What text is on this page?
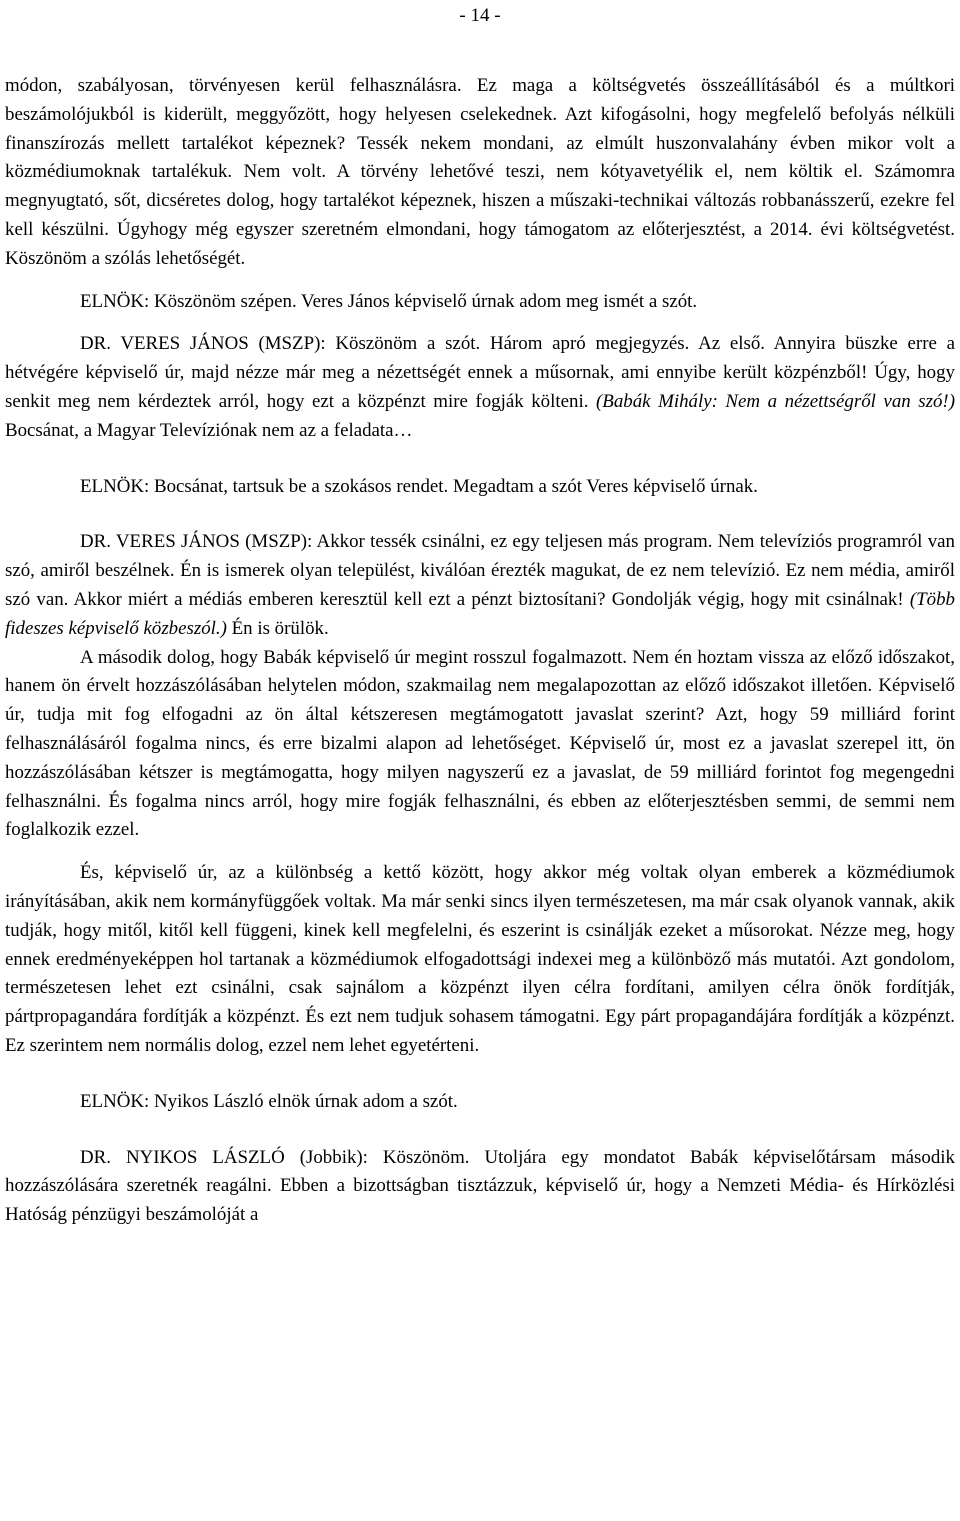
- 14 -

módon, szabályosan, törvényesen kerül felhasználásra. Ez maga a költségvetés összeállításából és a múltkori beszámolójukból is kiderült, meggyőzött, hogy helyesen cselekednek. Azt kifogásolni, hogy megfelelő befolyás nélküli finanszírozás mellett tartalékot képeznek? Tessék nekem mondani, az elmúlt huszonvalahány évben mikor volt a közmédiumoknak tartalékuk. Nem volt. A törvény lehetővé teszi, nem kótyavetyélik el, nem költik el. Számomra megnyugtató, sőt, dicséretes dolog, hogy tartalékot képeznek, hiszen a műszaki-technikai változás robbanásszerű, ezekre fel kell készülni. Úgyhogy még egyszer szeretném elmondani, hogy támogatom az előterjesztést, a 2014. évi költségvetést. Köszönöm a szólás lehetőségét.

ELNÖK: Köszönöm szépen. Veres János képviselő úrnak adom meg ismét a szót.

DR. VERES JÁNOS (MSZP): Köszönöm a szót. Három apró megjegyzés. Az első. Annyira büszke erre a hétvégére képviselő úr, majd nézze már meg a nézettségét ennek a műsornak, ami ennyibe került közpénzből! Úgy, hogy senkit meg nem kérdeztek arról, hogy ezt a közpénzt mire fogják költeni. (Babák Mihály: Nem a nézettségről van szó!) Bocsánat, a Magyar Televíziónak nem az a feladata…

ELNÖK: Bocsánat, tartsuk be a szokásos rendet. Megadtam a szót Veres képviselő úrnak.

DR. VERES JÁNOS (MSZP): Akkor tessék csinálni, ez egy teljesen más program. Nem televíziós programról van szó, amiről beszélnek. Én is ismerek olyan települést, kiválóan érezték magukat, de ez nem televízió. Ez nem média, amiről szó van. Akkor miért a médiás emberen keresztül kell ezt a pénzt biztosítani? Gondolják végig, hogy mit csinálnak! (Több fideszes képviselő közbeszól.) Én is örülök.

A második dolog, hogy Babák képviselő úr megint rosszul fogalmazott. Nem én hoztam vissza az előző időszakot, hanem ön érvelt hozzászólásában helytelen módon, szakmailag nem megalapozottan az előző időszakot illetően. Képviselő úr, tudja mit fog elfogadni az ön által kétszeresen megtámogatott javaslat szerint? Azt, hogy 59 milliárd forint felhasználásáról fogalma nincs, és erre bizalmi alapon ad lehetőséget. Képviselő úr, most ez a javaslat szerepel itt, ön hozzászólásában kétszer is megtámogatta, hogy milyen nagyszerű ez a javaslat, de 59 milliárd forintot fog megengedni felhasználni. És fogalma nincs arról, hogy mire fogják felhasználni, és ebben az előterjesztésben semmi, de semmi nem foglalkozik ezzel.

És, képviselő úr, az a különbség a kettő között, hogy akkor még voltak olyan emberek a közmédiumok irányításában, akik nem kormányfüggőek voltak. Ma már senki sincs ilyen természetesen, ma már csak olyanok vannak, akik tudják, hogy mitől, kitől kell függeni, kinek kell megfelelni, és eszerint is csinálják ezeket a műsorokat. Nézze meg, hogy ennek eredményeképpen hol tartanak a közmédiumok elfogadottsági indexei meg a különböző más mutatói. Azt gondolom, természetesen lehet ezt csinálni, csak sajnálom a közpénzt ilyen célra fordítani, amilyen célra önök fordítják, pártpropagandára fordítják a közpénzt. És ezt nem tudjuk sohasem támogatni. Egy párt propagandájára fordítják a közpénzt. Ez szerintem nem normális dolog, ezzel nem lehet egyetérteni.

ELNÖK: Nyikos László elnök úrnak adom a szót.

DR. NYIKOS LÁSZLÓ (Jobbik): Köszönöm. Utoljára egy mondatot Babák képviselőtársam második hozzászólására szeretnék reagálni. Ebben a bizottságban tisztázzuk, képviselő úr, hogy a Nemzeti Média- és Hírközlési Hatóság pénzügyi beszámolóját a
